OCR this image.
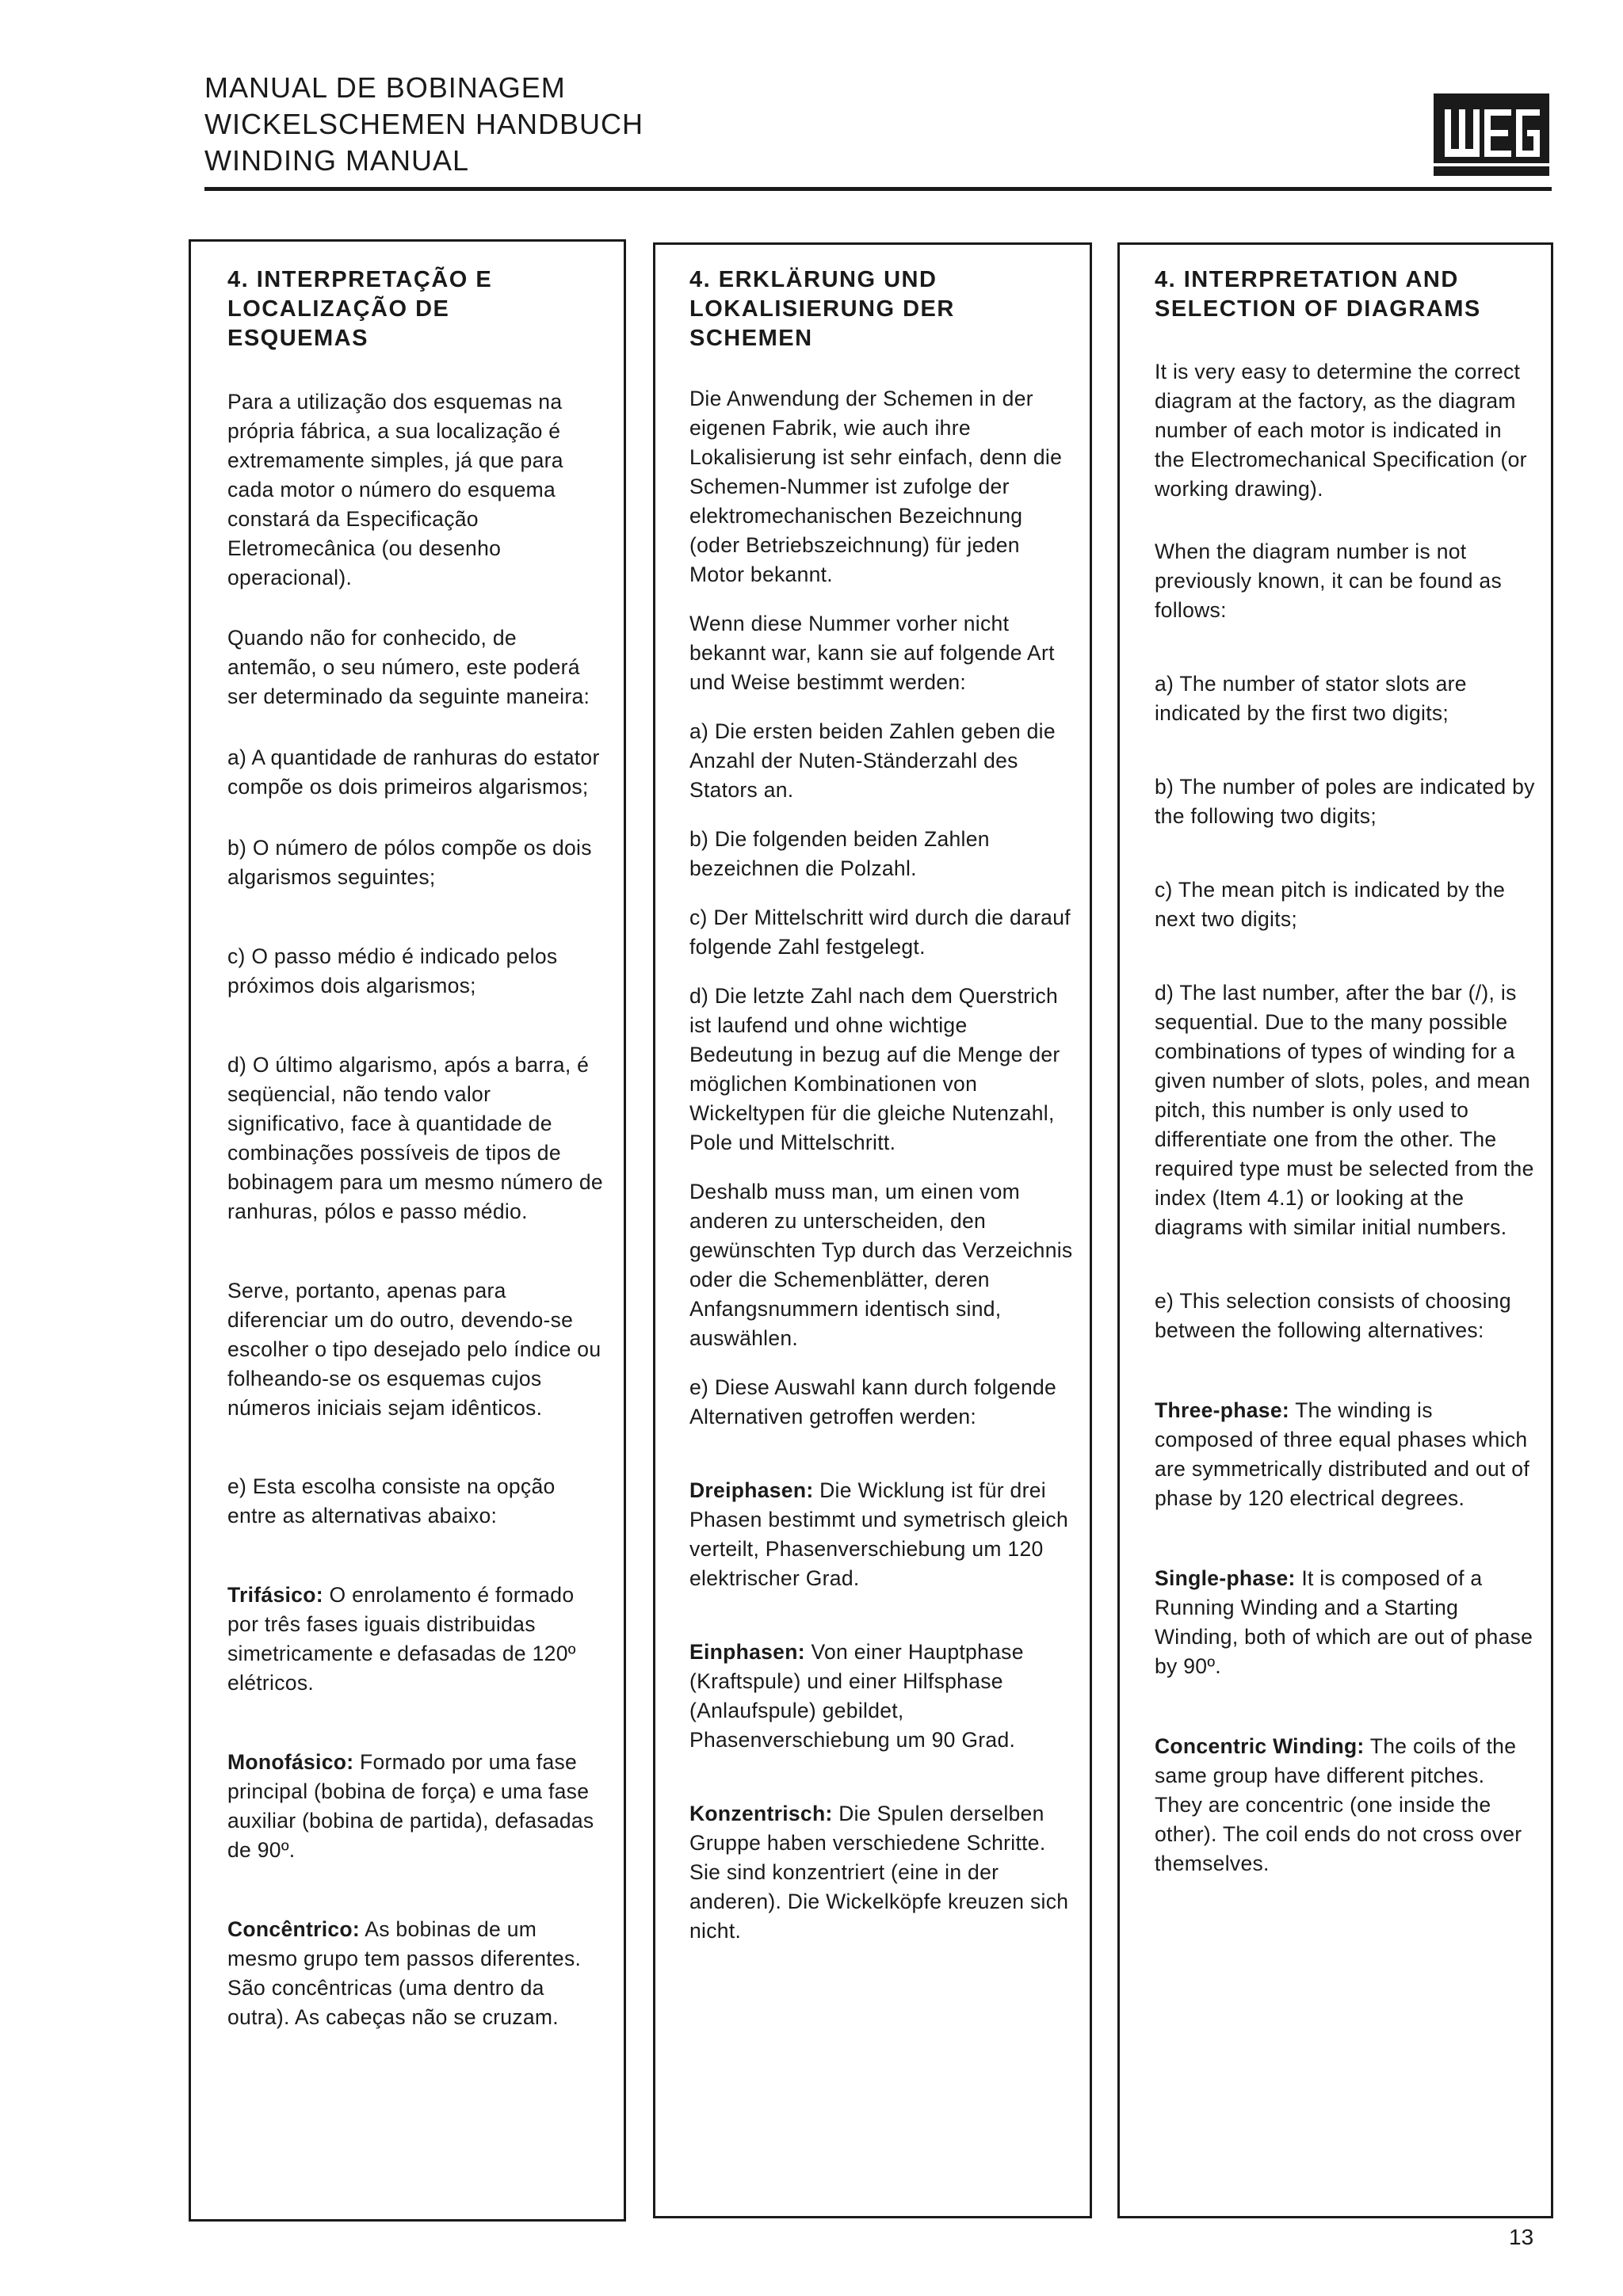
MANUAL DE BOBINAGEM
WICKELSCHEMEN HANDBUCH
WINDING MANUAL

4. INTERPRETAÇÃO E LOCALIZAÇÃO DE ESQUEMAS

Para a utilização dos esquemas na própria fábrica, a sua localização é extremamente simples, já que para cada motor o número do esquema constará da Especificação Eletromecânica (ou desenho operacional).

Quando não for conhecido, de antemão, o seu número, este poderá ser determinado da seguinte maneira:

a) A quantidade de ranhuras do estator compõe os dois primeiros algarismos;

b) O número de pólos compõe os dois algarismos seguintes;

c) O passo médio é indicado pelos próximos dois algarismos;

d) O último algarismo, após a barra, é seqüencial, não tendo valor significativo, face à quantidade de combinações possíveis de tipos de bobinagem para um mesmo número de ranhuras, pólos e passo médio.

Serve, portanto, apenas para diferenciar um do outro, devendo-se escolher o tipo desejado pelo índice ou folheando-se os esquemas cujos números iniciais sejam idênticos.

e) Esta escolha consiste na opção entre as alternativas abaixo:

Trifásico: O enrolamento é formado por três fases iguais distribuidas simetricamente e defasadas de 120º elétricos.

Monofásico: Formado por uma fase principal (bobina de força) e uma fase auxiliar (bobina de partida), defasadas de 90º.

Concêntrico: As bobinas de um mesmo grupo tem passos diferentes. São concêntricas (uma dentro da outra). As cabeças não se cruzam.

4. ERKLÄRUNG UND LOKALISIERUNG DER SCHEMEN

Die Anwendung der Schemen in der eigenen Fabrik, wie auch ihre Lokalisierung ist sehr einfach, denn die Schemen-Nummer ist zufolge der elektromechanischen Bezeichnung (oder Betriebszeichnung) für jeden Motor bekannt.

Wenn diese Nummer vorher nicht bekannt war, kann sie auf folgende Art und Weise bestimmt werden:

a) Die ersten beiden Zahlen geben die Anzahl der Nuten-Ständerzahl des Stators an.

b) Die folgenden beiden Zahlen bezeichnen die Polzahl.

c) Der Mittelschritt wird durch die darauf folgende Zahl festgelegt.

d) Die letzte Zahl nach dem Querstrich ist laufend und ohne wichtige Bedeutung in bezug auf die Menge der möglichen Kombinationen von Wickeltypen für die gleiche Nutenzahl, Pole und Mittelschritt.

Deshalb muss man, um einen vom anderen zu unterscheiden, den gewünschten Typ durch das Verzeichnis oder die Schemenblätter, deren Anfangsnummern identisch sind, auswählen.

e) Diese Auswahl kann durch folgende Alternativen getroffen werden:

Dreiphasen: Die Wicklung ist für drei Phasen bestimmt und symetrisch gleich verteilt, Phasenverschiebung um 120 elektrischer Grad.

Einphasen: Von einer Hauptphase (Kraftspule) und einer Hilfsphase (Anlaufspule) gebildet, Phasenverschiebung um 90 Grad.

Konzentrisch: Die Spulen derselben Gruppe haben verschiedene Schritte. Sie sind konzentriert (eine in der anderen). Die Wickelköpfe kreuzen sich nicht.

4. INTERPRETATION AND SELECTION OF DIAGRAMS

It is very easy to determine the correct diagram at the factory, as the diagram number of each motor is indicated in the Electromechanical Specification (or working drawing).

When the diagram number is not previously known, it can be found as follows:

a) The number of stator slots are indicated by the first two digits;

b) The number of poles are indicated by the following two digits;

c) The mean pitch is indicated by the next two digits;

d) The last number, after the bar (/), is sequential. Due to the many possible combinations of types of winding for a given number of slots, poles, and mean pitch, this number is only used to differentiate one from the other. The required type must be selected from the index (Item 4.1) or looking at the diagrams with similar initial numbers.

e) This selection consists of choosing between the following alternatives:

Three-phase: The winding is composed of three equal phases which are symmetrically distributed and out of phase by 120 electrical degrees.

Single-phase: It is composed of a Running Winding and a Starting Winding, both of which are out of phase by 90º.

Concentric Winding: The coils of the same group have different pitches. They are concentric (one inside the other). The coil ends do not cross over themselves.

13
